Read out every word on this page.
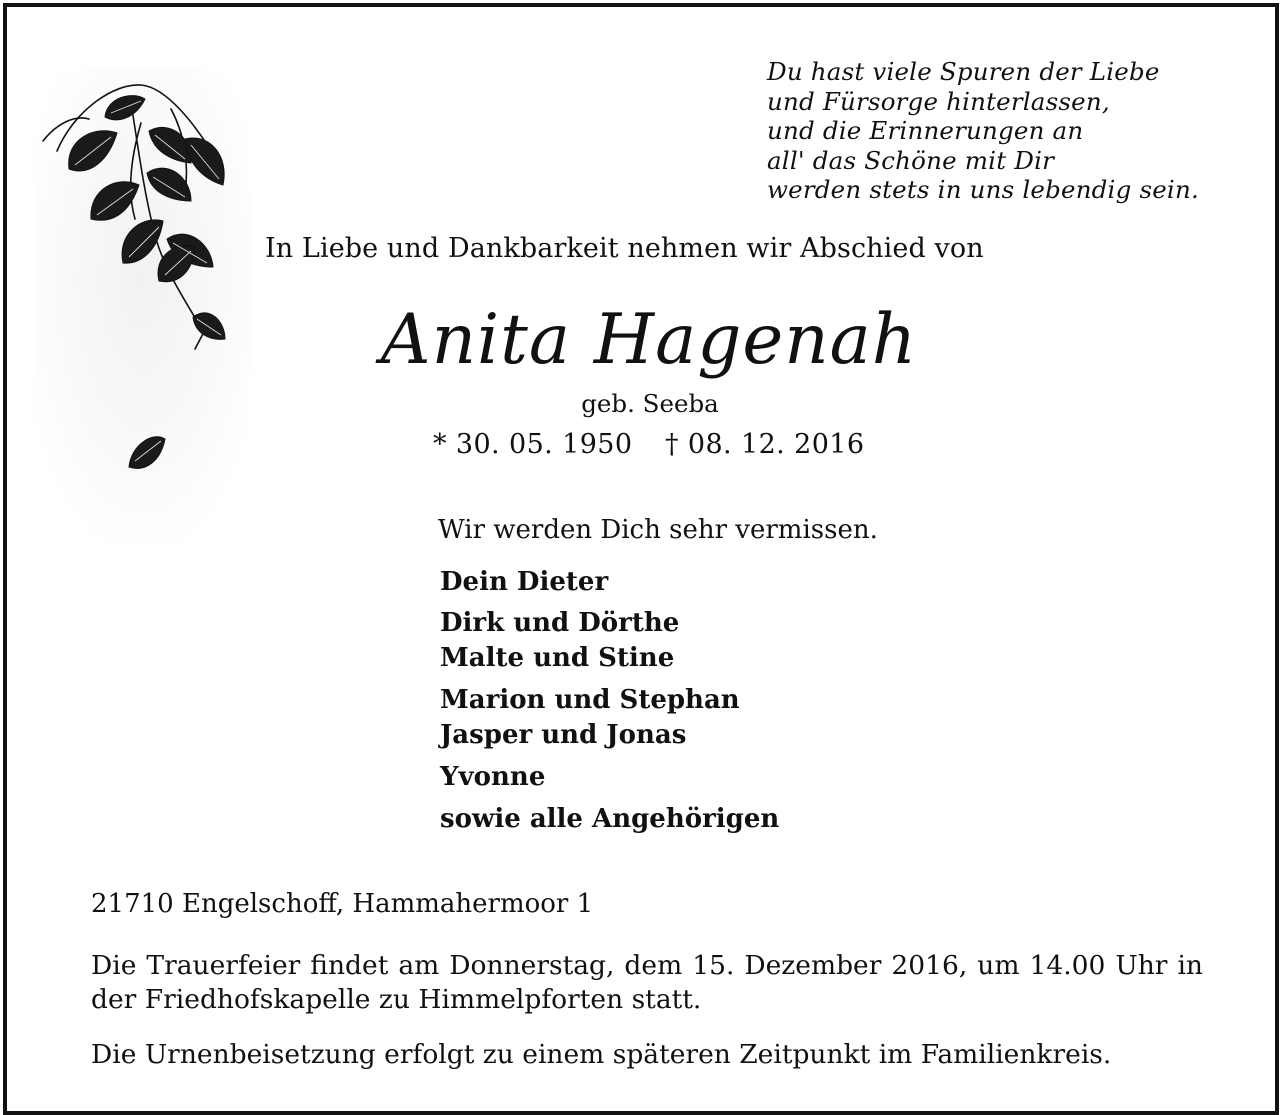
Du hast viele Spuren der Liebe
und Fürsorge hinterlassen,
und die Erinnerungen an
all' das Schöne mit Dir
werden stets in uns lebendig sein.
In Liebe und Dankbarkeit nehmen wir Abschied von
Anita Hagenah
geb. Seeba
* 30. 05. 1950 † 08. 12. 2016
Wir werden Dich sehr vermissen.
Dein Dieter
Dirk und Dörthe
Malte und Stine
Marion und Stephan
Jasper und Jonas
Yvonne
sowie alle Angehörigen
21710 Engelschoff, Hammahermoor 1
Die Trauerfeier findet am Donnerstag, dem 15. Dezember 2016, um 14.00 Uhr in der Friedhofskapelle zu Himmelpforten statt.
Die Urnenbeisetzung erfolgt zu einem späteren Zeitpunkt im Familienkreis.
